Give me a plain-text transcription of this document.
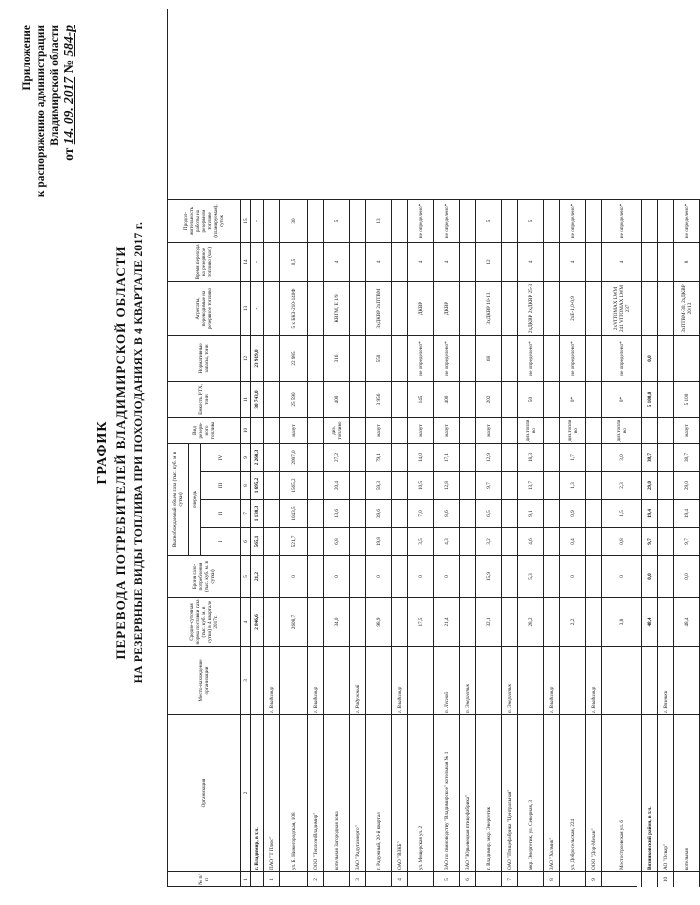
Приложение к распоряжению администрации Владимирской области
от 14. 09. 2017 № 584-р
ГРАФИК ПЕРЕВОДА ПОТРЕБИТЕЛЕЙ ВЛАДИМИРСКОЙ ОБЛАСТИ НА РЕЗЕРВНЫЕ ВИДЫ ТОПЛИВА ПРИ ПОХОЛОДАНИЯХ В 4 КВАРТАЛЕ 2017 г.
№ п/п
Организация
Место-нахождение организации
Средне-суточная норма поставки газа (тыс. куб. м. в сутки) в 4 квартале 2017г.
Броня газо-потребления (тыс. куб. м. в сутки)
Высвобождаемый объем газа (тыс. куб. м в сутки)	очередь
I
II
III
IV
Вид резерв-ного топлива
Емкость РТХ, тонн
Нормативные запасы, тонн
Агрегаты, переводимые на резервное топливо
Время перехода на резервное топливо (час)
Продол-жительность работы на резервном топливе (планируемая), суток
1
2
3
4
5
6
7
8
9
10
11
12
13
14
15
г. Владимир, в т.ч.
2 846,6
21,2
565,1
1 130,3
1 695,2
2 260,3
30 743,0
23 919,0
-
-
-
1
ПАО "Т Плюс"
г. Владимир
ул. Б. Нижегородская, 108
2608,7
0
521,7
1043,5
1565,2
2087,0
мазут
25 590
22 985
5 х БКЗ-210-140Ф
0,5
30
2
ООО "ТеплоэнВладимир"
г. Владимир
котельная Загородная зона
34,0
0
6,8
13,6
20,4
27,2
диз. топливо
400
316
КВГМ, Е 1/9
4
5
3
ЗАО "Радугаэнерго"
г. Радужный
г. Радужный, 20-й квартал
98,9
0
19,8
39,6
59,3
79,1
мазут
3 956
550
3хДКВР 2хПТВМ
4
13
4
ОАО "ВЗКБ"
г. Владимир
ул. Мещерская ул. 2
17,5
0
3,5
7,0
10,5
14,0
мазут
145
не определено*
ДКВР
4
не определено*
5
ЗАО по свиноводству "Владимирское" котельная № 1
п. Лесной
21,4
0
4,3
8,6
12,8
17,1
мазут
400
не определено*
ДКВР
4
не определено*
6
ЗАО "Юрьевецкая птицефабрика"
п. Энергетик
г. Владимир, мкр. Энергетик
32,1
15,9
3,2
6,5
9,7
12,9
мазут
202
68
3хДКВР 10-13
12
5
7
ОАО "Птицефабрика "Центральная"
п. Энергетик
мкр. Энергетик, ул. Северная, 3
28,2
5,3
4,6
9,1
13,7
18,3
диз.топли во
50
не определено*
2хДКВР 2хДКВР 25-3
4
5
8
ЗАО "Холмик"
г. Владимир
ул. Добросельская, 224
2,2
0
0,4
0,9
1,3
1,7
диз.топли во
0*
не определено*
2хЕ-1,0-0,9
4
не определено*
9
ООО "Дор-Механ"
г. Владимир
Мостостроевская ул. 6
3,8
0
0,8
1,5
2,3
3,0
диз.топли во
0*
не определено*
2хVITOMAX LWM 241 VITOMAX LWM 237
4
не определено*
Вязниковский район, в т.ч.
48,4
0,0
9,7
19,4
29,0
38,7
5 100,0
0,0
10
АО "Освар"
г. Вязники
котельная
48,4
0,0
9,7
19,4
29,0
38,7
мазут
5 100
3хПТВМ-30, 2хДКВР 20/13
8
не определено*
